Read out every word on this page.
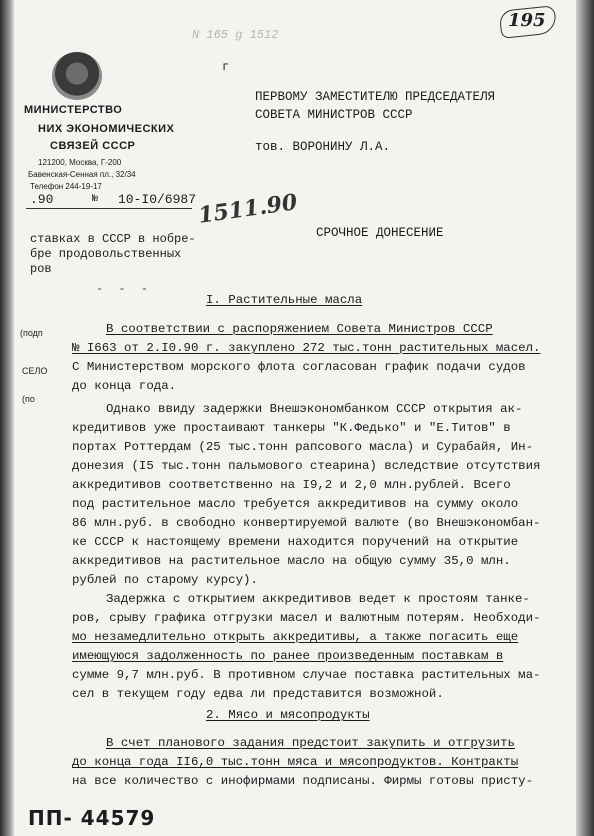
N 165 g 1512
195
г
МИНИСТЕРСТВО
НИХ ЭКОНОМИЧЕСКИХ
СВЯЗЕЙ СССР
121200, Москва, Г-200
Бавенская-Сенная пл., 32/34
Телефон 244-19-17
.90	№ 10-I0/6987 1511.90
ставках в СССР в нобре-
бре продовольственных
ров
- - -
ПЕРВОМУ ЗАМЕСТИТЕЛЮ ПРЕДСЕДАТЕЛЯ
СОВЕТА МИНИСТРОВ СССР
тов. ВОРОНИНУ Л.А.
СРОЧНОЕ ДОНЕСЕНИЕ
(подп
СЕЛО
(по
I. Растительные масла
В соответствии с распоряжением Совета Министров СССР
№ I663 от 2.I0.90 г. закуплено 272 тыс.тонн растительных масел.
С Министерством морского флота согласован график подачи судов
до конца года.
Однако ввиду задержки Внешэкономбанком СССР открытия ак-
кредитивов уже простаивают танкеры "К.Федько" и "Е.Титов" в
портах Роттердам (25 тыс.тонн рапсового масла) и Сурабайя, Ин-
донезия (I5 тыс.тонн пальмового стеарина) вследствие отсутствия
аккредитивов соответственно на I9,2 и 2,0 млн.рублей. Всего
под растительное масло требуется аккредитивов на сумму около
86 млн.руб. в свободно конвертируемой валюте (во Внешэкономбан-
ке СССР к настоящему времени находится поручений на открытие
аккредитивов на растительное масло на общую сумму 35,0 млн.
рублей по старому курсу).
Задержка с открытием аккредитивов ведет к простоям танке-
ров, срыву графика отгрузки масел и валютным потерям. Необходи-
мо незамедлительно открыть аккредитивы, а также погасить еще
имеющуюся задолженность по ранее произведенным поставкам в
сумме 9,7 млн.руб. В противном случае поставка растительных ма-
сел в текущем году едва ли представится возможной.
2. Мясо и мясопродукты
В счет планового задания предстоит закупить и отгрузить
до конца года II6,0 тыс.тонн мяса и мясопродуктов. Контракты
на все количество с инофирмами подписаны. Фирмы готовы присту-
ПП- 44579
